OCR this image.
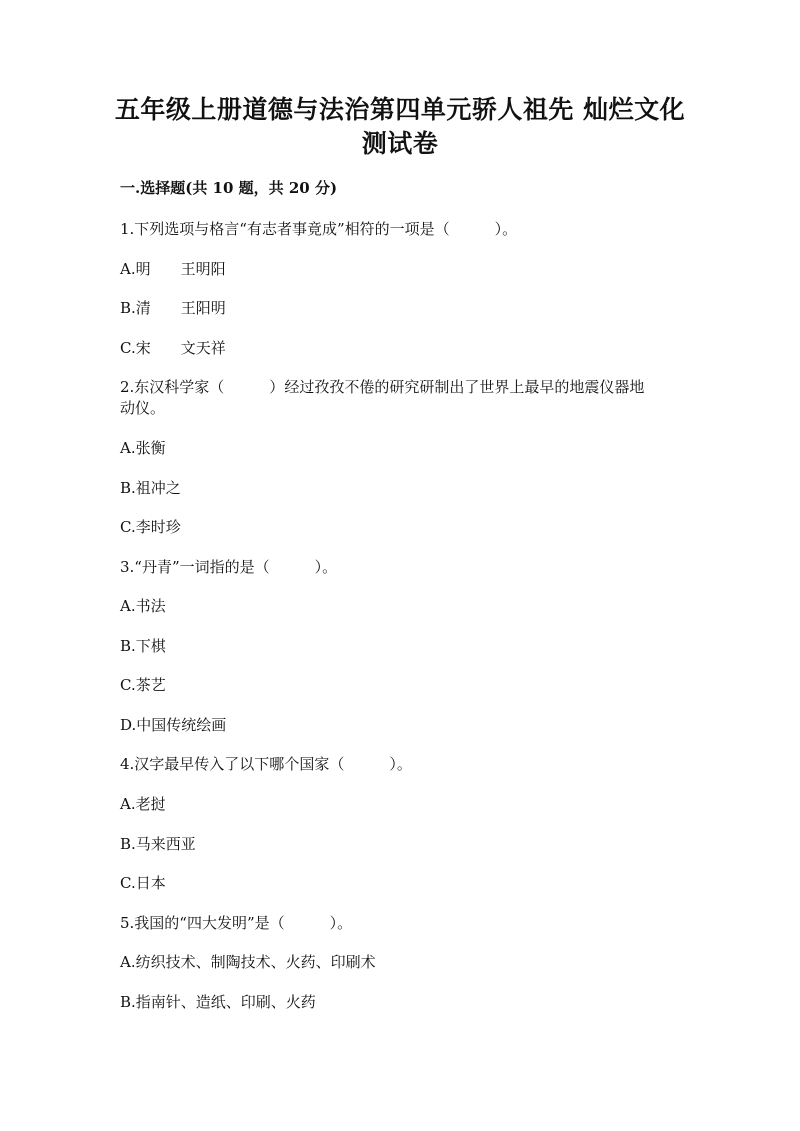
五年级上册道德与法治第四单元骄人祖先 灿烂文化
测试卷
一.选择题(共 10 题，共 20 分)
1.下列选项与格言“有志者事竟成”相符的一项是（　　　）。
A.明　　王明阳
B.清　　王阳明
C.宋　　文天祥
2.东汉科学家（　　　）经过孜孜不倦的研究研制出了世界上最早的地震仪器地
动仪。
A.张衡
B.祖冲之
C.李时珍
3.“丹青”一词指的是（　　　）。
A.书法
B.下棋
C.茶艺
D.中国传统绘画
4.汉字最早传入了以下哪个国家（　　　）。
A.老挝
B.马来西亚
C.日本
5.我国的“四大发明”是（　　　）。
A.纺织技术、制陶技术、火药、印刷术
B.指南针、造纸、印刷、火药
